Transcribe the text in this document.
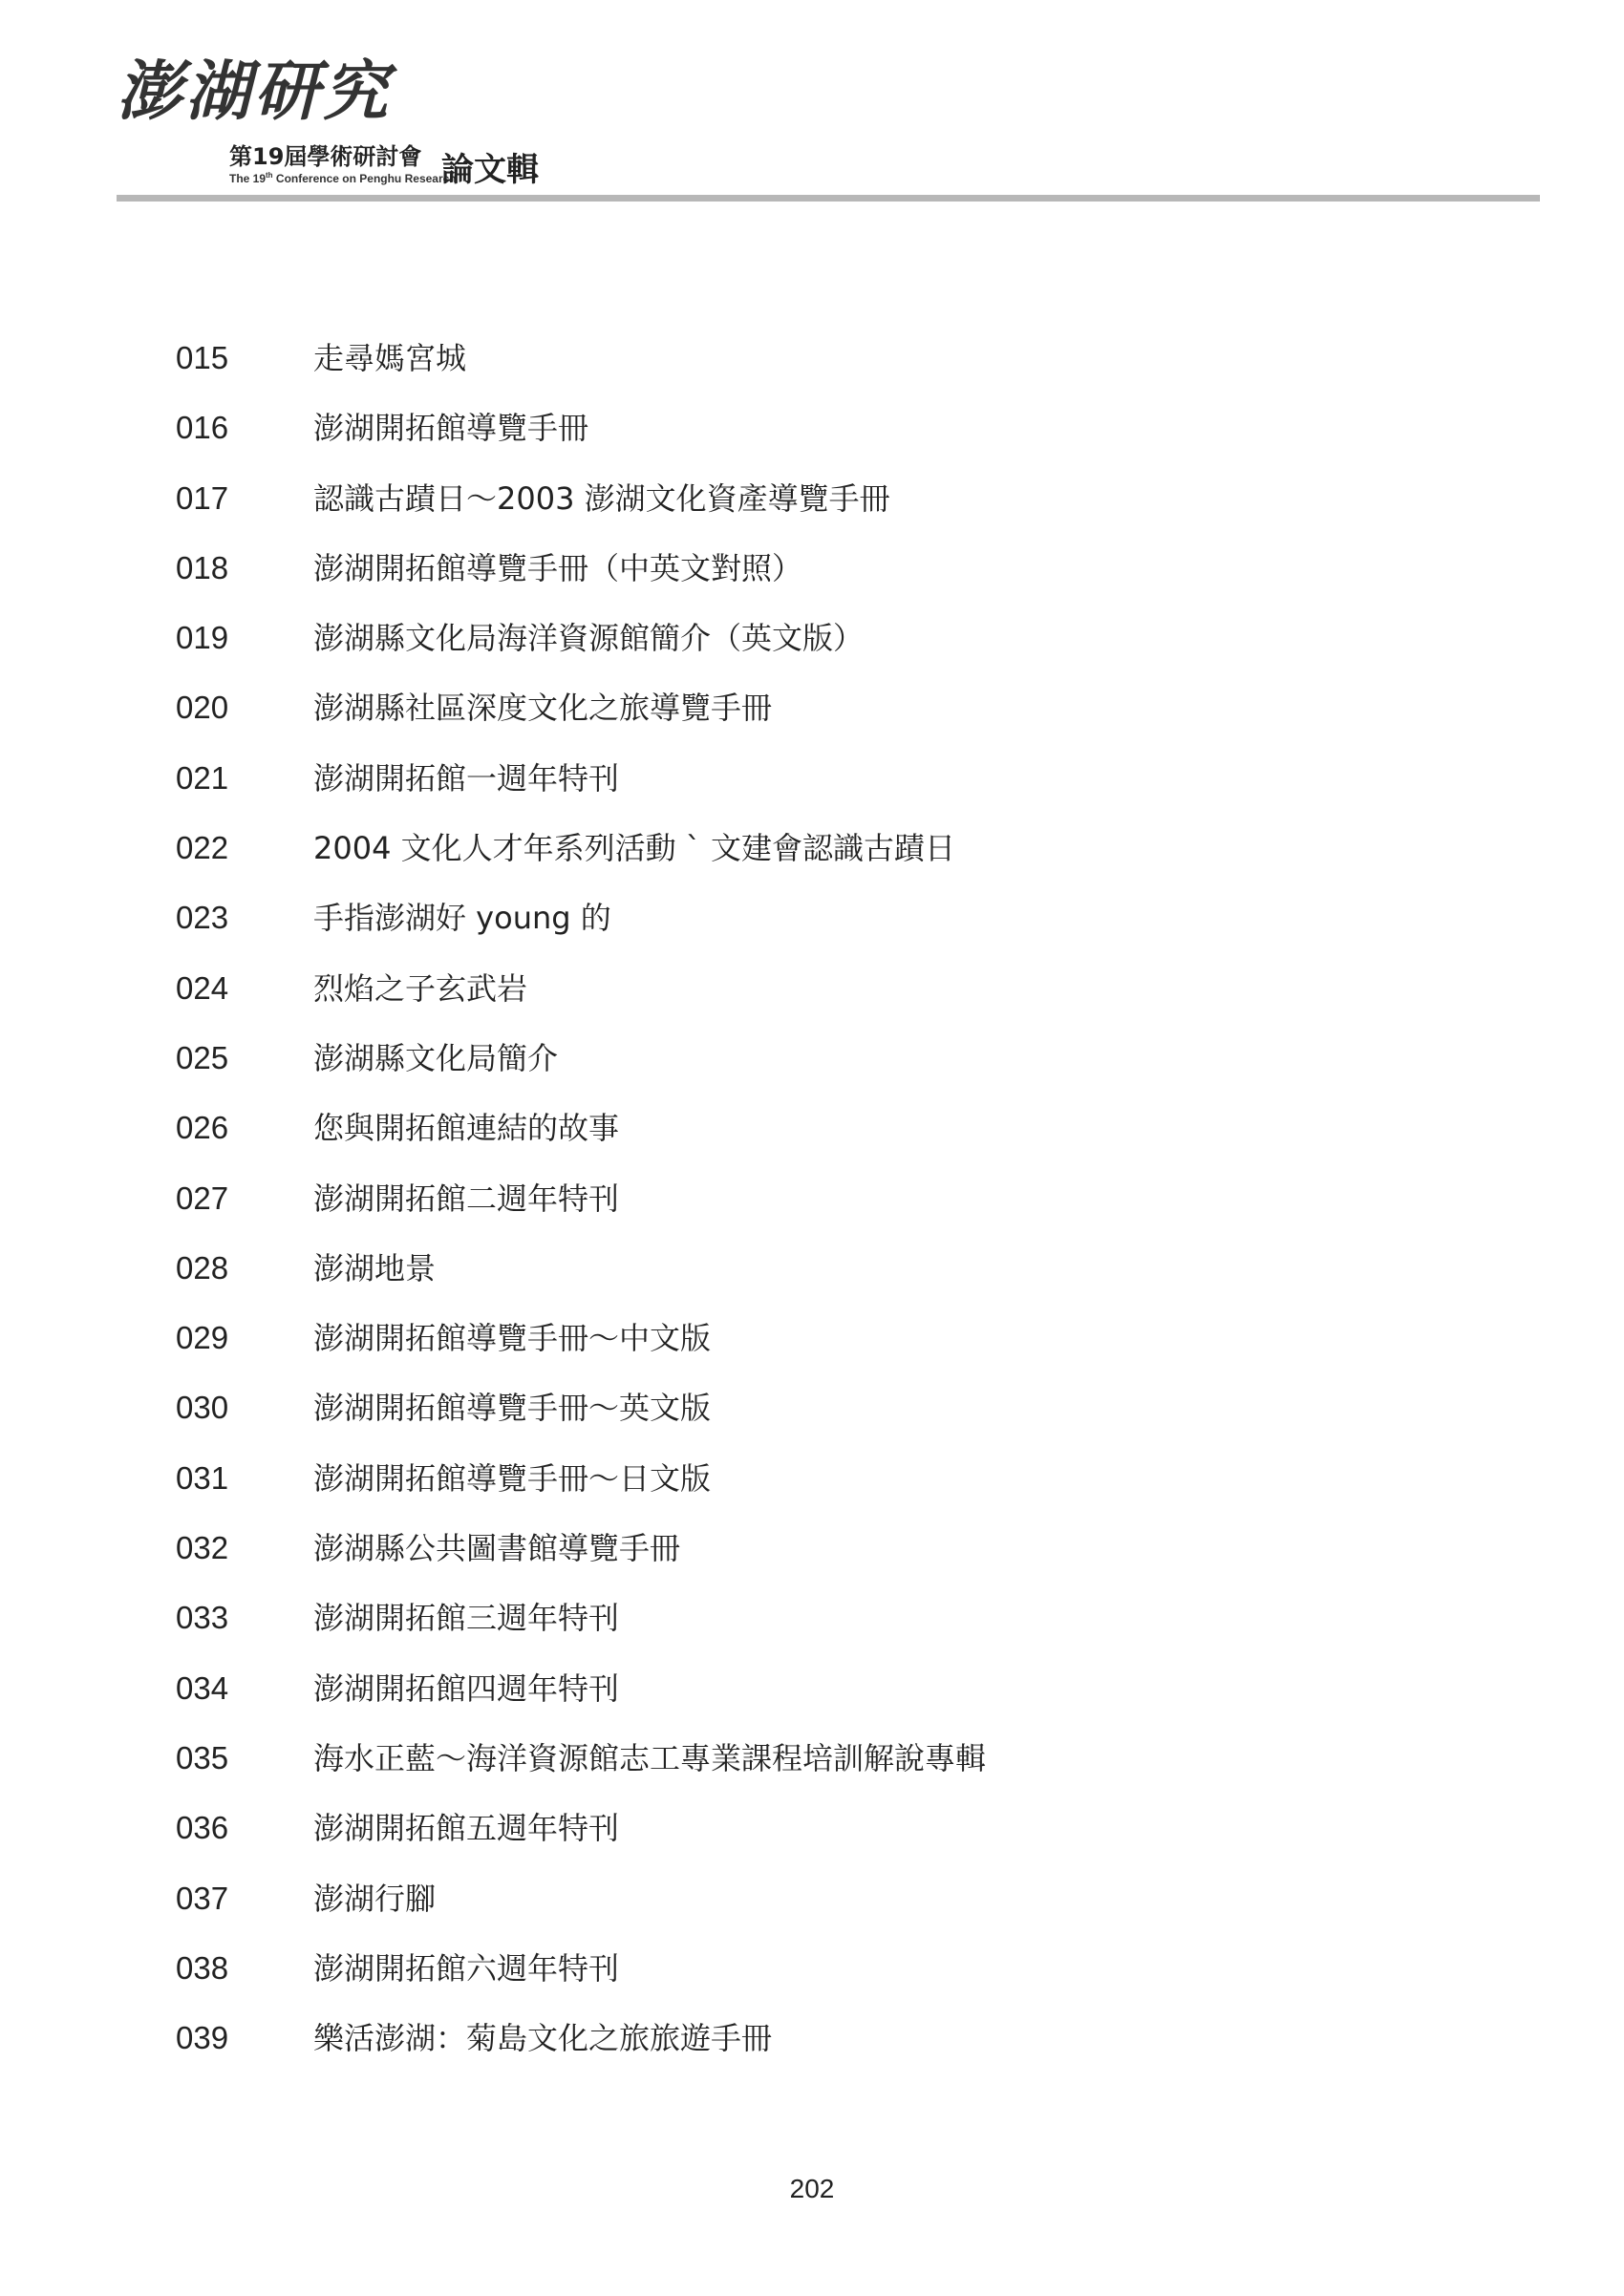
澎湖研究
第19屆學術研討會
The 19th Conference on Penghu Research
論文輯
015	走尋媽宮城
016	澎湖開拓館導覽手冊
017	認識古蹟日～2003 澎湖文化資產導覽手冊
018	澎湖開拓館導覽手冊（中英文對照）
019	澎湖縣文化局海洋資源館簡介（英文版）
020	澎湖縣社區深度文化之旅導覽手冊
021	澎湖開拓館一週年特刊
022	2004 文化人才年系列活動 ` 文建會認識古蹟日
023	手指澎湖好 young 的
024	烈焰之子玄武岩
025	澎湖縣文化局簡介
026	您與開拓館連結的故事
027	澎湖開拓館二週年特刊
028	澎湖地景
029	澎湖開拓館導覽手冊～中文版
030	澎湖開拓館導覽手冊～英文版
031	澎湖開拓館導覽手冊～日文版
032	澎湖縣公共圖書館導覽手冊
033	澎湖開拓館三週年特刊
034	澎湖開拓館四週年特刊
035	海水正藍～海洋資源館志工專業課程培訓解說專輯
036	澎湖開拓館五週年特刊
037	澎湖行腳
038	澎湖開拓館六週年特刊
039	樂活澎湖：菊島文化之旅旅遊手冊
202
